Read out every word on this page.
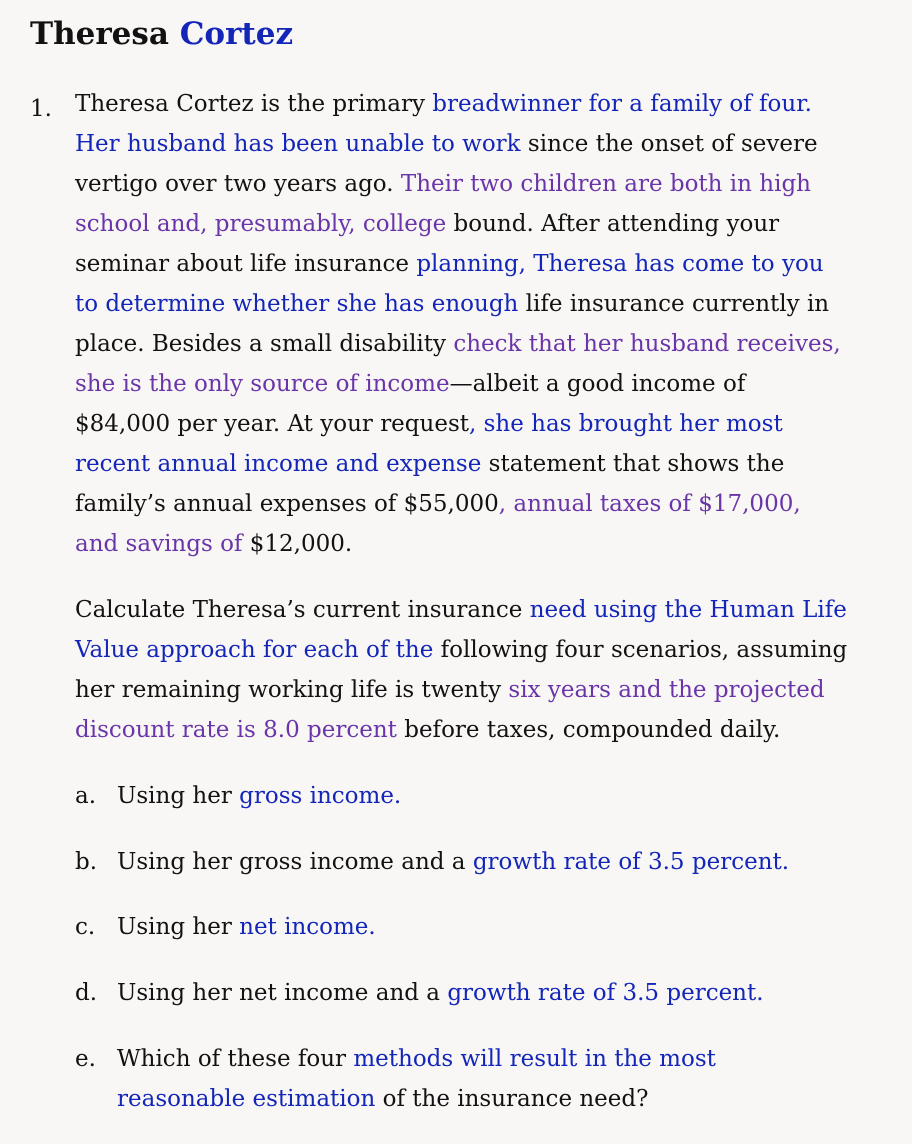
Theresa Cortez
1. Theresa Cortez is the primary breadwinner for a family of four.
Her husband has been unable to work since the onset of severe
vertigo over two years ago. Their two children are both in high
school and, presumably, college bound. After attending your
seminar about life insurance planning, Theresa has come to you
to determine whether she has enough life insurance currently in
place. Besides a small disability check that her husband receives,
she is the only source of income—albeit a good income of
$84,000 per year. At your request, she has brought her most
recent annual income and expense statement that shows the
family’s annual expenses of $55,000, annual taxes of $17,000,
and savings of $12,000.
Calculate Theresa’s current insurance need using the Human Life
Value approach for each of the following four scenarios, assuming
her remaining working life is twenty six years and the projected
discount rate is 8.0 percent before taxes, compounded daily.
a. Using her gross income.
b. Using her gross income and a growth rate of 3.5 percent.
c. Using her net income.
d. Using her net income and a growth rate of 3.5 percent.
e. Which of these four methods will result in the most
reasonable estimation of the insurance need?
